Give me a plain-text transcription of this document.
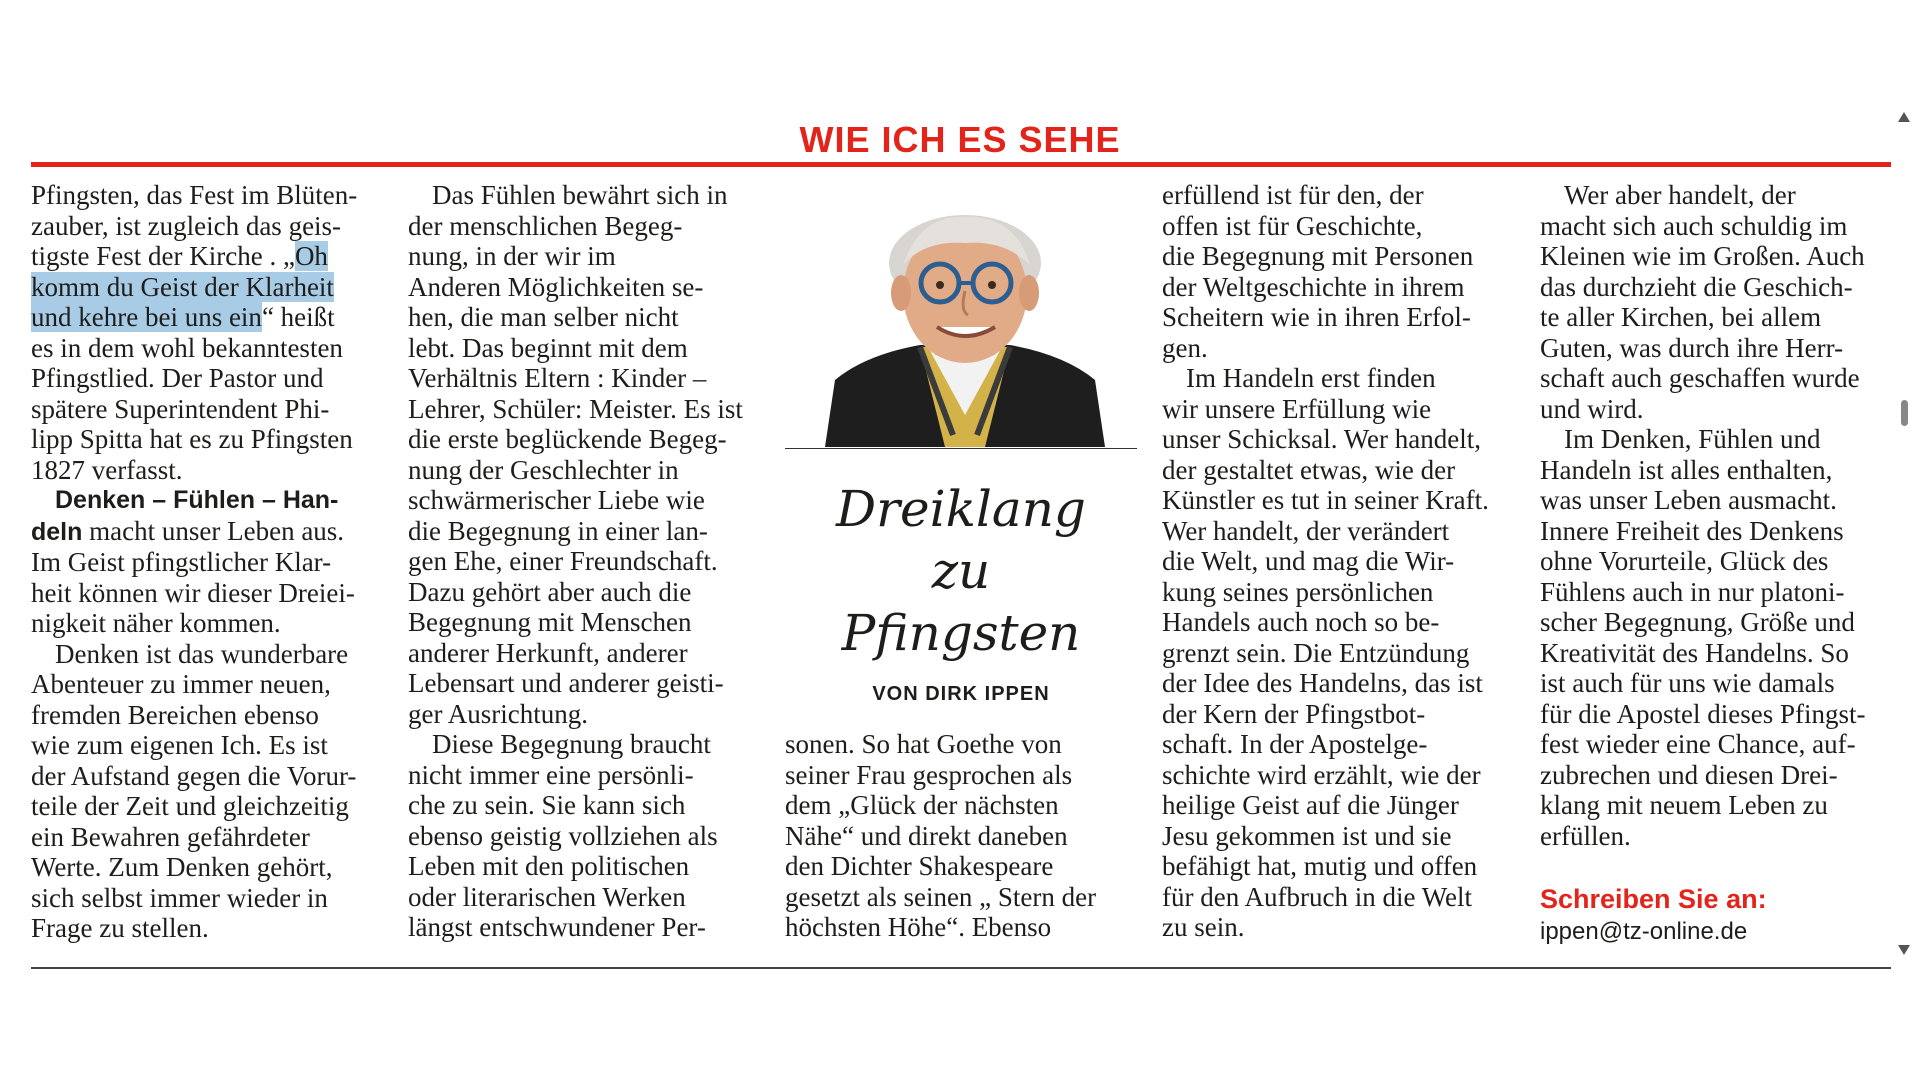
WIE ICH ES SEHE
Pfingsten, das Fest im Blüten-
zauber, ist zugleich das geis-
tigste Fest der Kirche . „Oh
komm du Geist der Klarheit
und kehre bei uns ein“ heißt
es in dem wohl bekanntesten
Pfingstlied. Der Pastor und
spätere Superintendent Phi-
lipp Spitta hat es zu Pfingsten
1827 verfasst.
Denken – Fühlen – Han-
deln macht unser Leben aus.
Im Geist pfingstlicher Klar-
heit können wir dieser Dreiei-
nigkeit näher kommen.
Denken ist das wunderbare
Abenteuer zu immer neuen,
fremden Bereichen ebenso
wie zum eigenen Ich. Es ist
der Aufstand gegen die Vorur-
teile der Zeit und gleichzeitig
ein Bewahren gefährdeter
Werte. Zum Denken gehört,
sich selbst immer wieder in
Frage zu stellen.
Das Fühlen bewährt sich in
der menschlichen Begeg-
nung, in der wir im
Anderen Möglichkeiten se-
hen, die man selber nicht
lebt. Das beginnt mit dem
Verhältnis Eltern : Kinder –
Lehrer, Schüler: Meister. Es ist
die erste beglückende Begeg-
nung der Geschlechter in
schwärmerischer Liebe wie
die Begegnung in einer lan-
gen Ehe, einer Freundschaft.
Dazu gehört aber auch die
Begegnung mit Menschen
anderer Herkunft, anderer
Lebensart und anderer geisti-
ger Ausrichtung.
Diese Begegnung braucht
nicht immer eine persönli-
che zu sein. Sie kann sich
ebenso geistig vollziehen als
Leben mit den politischen
oder literarischen Werken
längst entschwundener Per-
Dreiklang
zu
Pfingsten
VON DIRK IPPEN
sonen. So hat Goethe von
seiner Frau gesprochen als
dem „Glück der nächsten
Nähe“ und direkt daneben
den Dichter Shakespeare
gesetzt als seinen „ Stern der
höchsten Höhe“. Ebenso
erfüllend ist für den, der
offen ist für Geschichte,
die Begegnung mit Personen
der Weltgeschichte in ihrem
Scheitern wie in ihren Erfol-
gen.
Im Handeln erst finden
wir unsere Erfüllung wie
unser Schicksal. Wer handelt,
der gestaltet etwas, wie der
Künstler es tut in seiner Kraft.
Wer handelt, der verändert
die Welt, und mag die Wir-
kung seines persönlichen
Handels auch noch so be-
grenzt sein. Die Entzündung
der Idee des Handelns, das ist
der Kern der Pfingstbot-
schaft. In der Apostelge-
schichte wird erzählt, wie der
heilige Geist auf die Jünger
Jesu gekommen ist und sie
befähigt hat, mutig und offen
für den Aufbruch in die Welt
zu sein.
Wer aber handelt, der
macht sich auch schuldig im
Kleinen wie im Großen. Auch
das durchzieht die Geschich-
te aller Kirchen, bei allem
Guten, was durch ihre Herr-
schaft auch geschaffen wurde
und wird.
Im Denken, Fühlen und
Handeln ist alles enthalten,
was unser Leben ausmacht.
Innere Freiheit des Denkens
ohne Vorurteile, Glück des
Fühlens auch in nur platoni-
scher Begegnung, Größe und
Kreativität des Handelns. So
ist auch für uns wie damals
für die Apostel dieses Pfingst-
fest wieder eine Chance, auf-
zubrechen und diesen Drei-
klang mit neuem Leben zu
erfüllen.
Schreiben Sie an:
ippen@tz-online.de
